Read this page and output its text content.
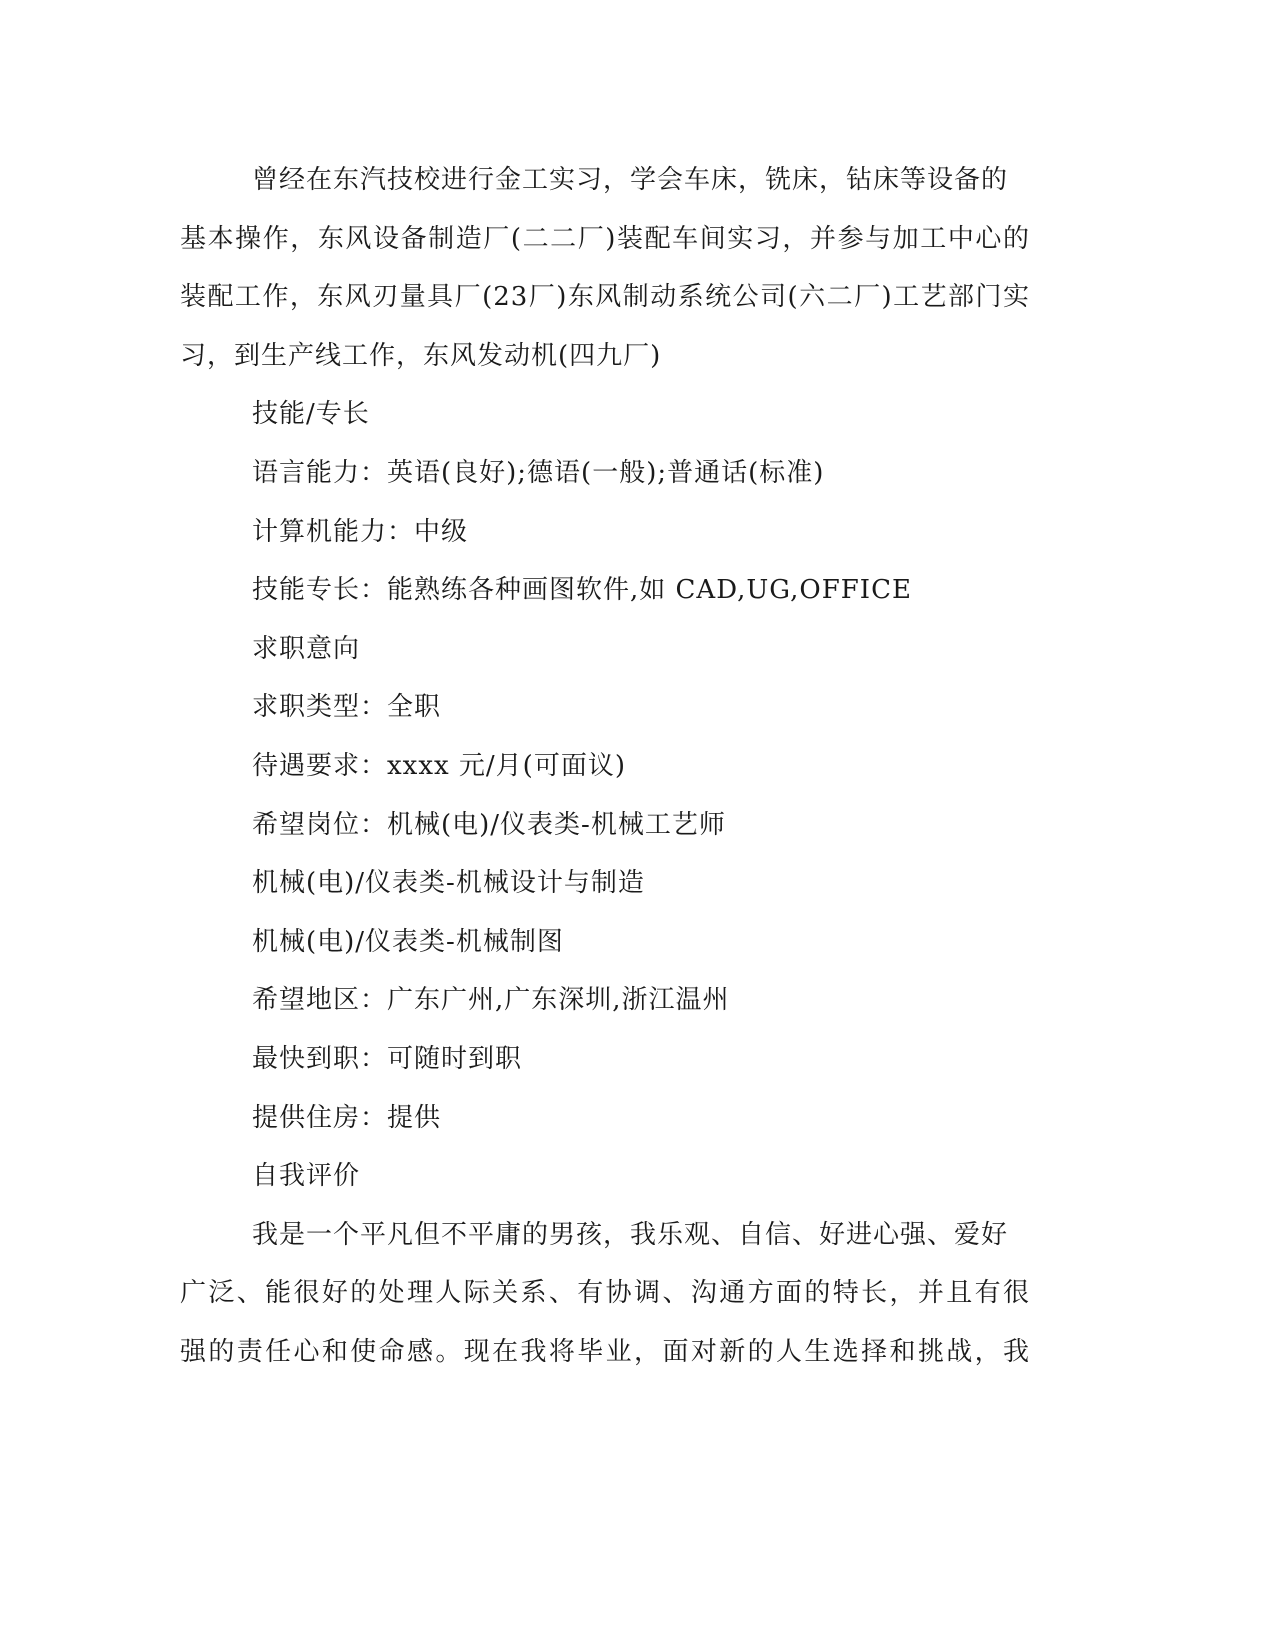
曾经在东汽技校进行金工实习，学会车床，铣床，钻床等设备的
基本操作，东风设备制造厂(二二厂)装配车间实习，并参与加工中心的
装配工作，东风刃量具厂(23厂)东风制动系统公司(六二厂)工艺部门实
习，到生产线工作，东风发动机(四九厂)
技能/专长
语言能力：英语(良好);德语(一般);普通话(标准)
计算机能力：中级
技能专长：能熟练各种画图软件,如 CAD,UG,OFFICE
求职意向
求职类型：全职
待遇要求：xxxx 元/月(可面议)
希望岗位：机械(电)/仪表类-机械工艺师
机械(电)/仪表类-机械设计与制造
机械(电)/仪表类-机械制图
希望地区：广东广州,广东深圳,浙江温州
最快到职：可随时到职
提供住房：提供
自我评价
我是一个平凡但不平庸的男孩，我乐观、自信、好进心强、爱好
广泛、能很好的处理人际关系、有协调、沟通方面的特长，并且有很
强的责任心和使命感。现在我将毕业，面对新的人生选择和挑战，我
